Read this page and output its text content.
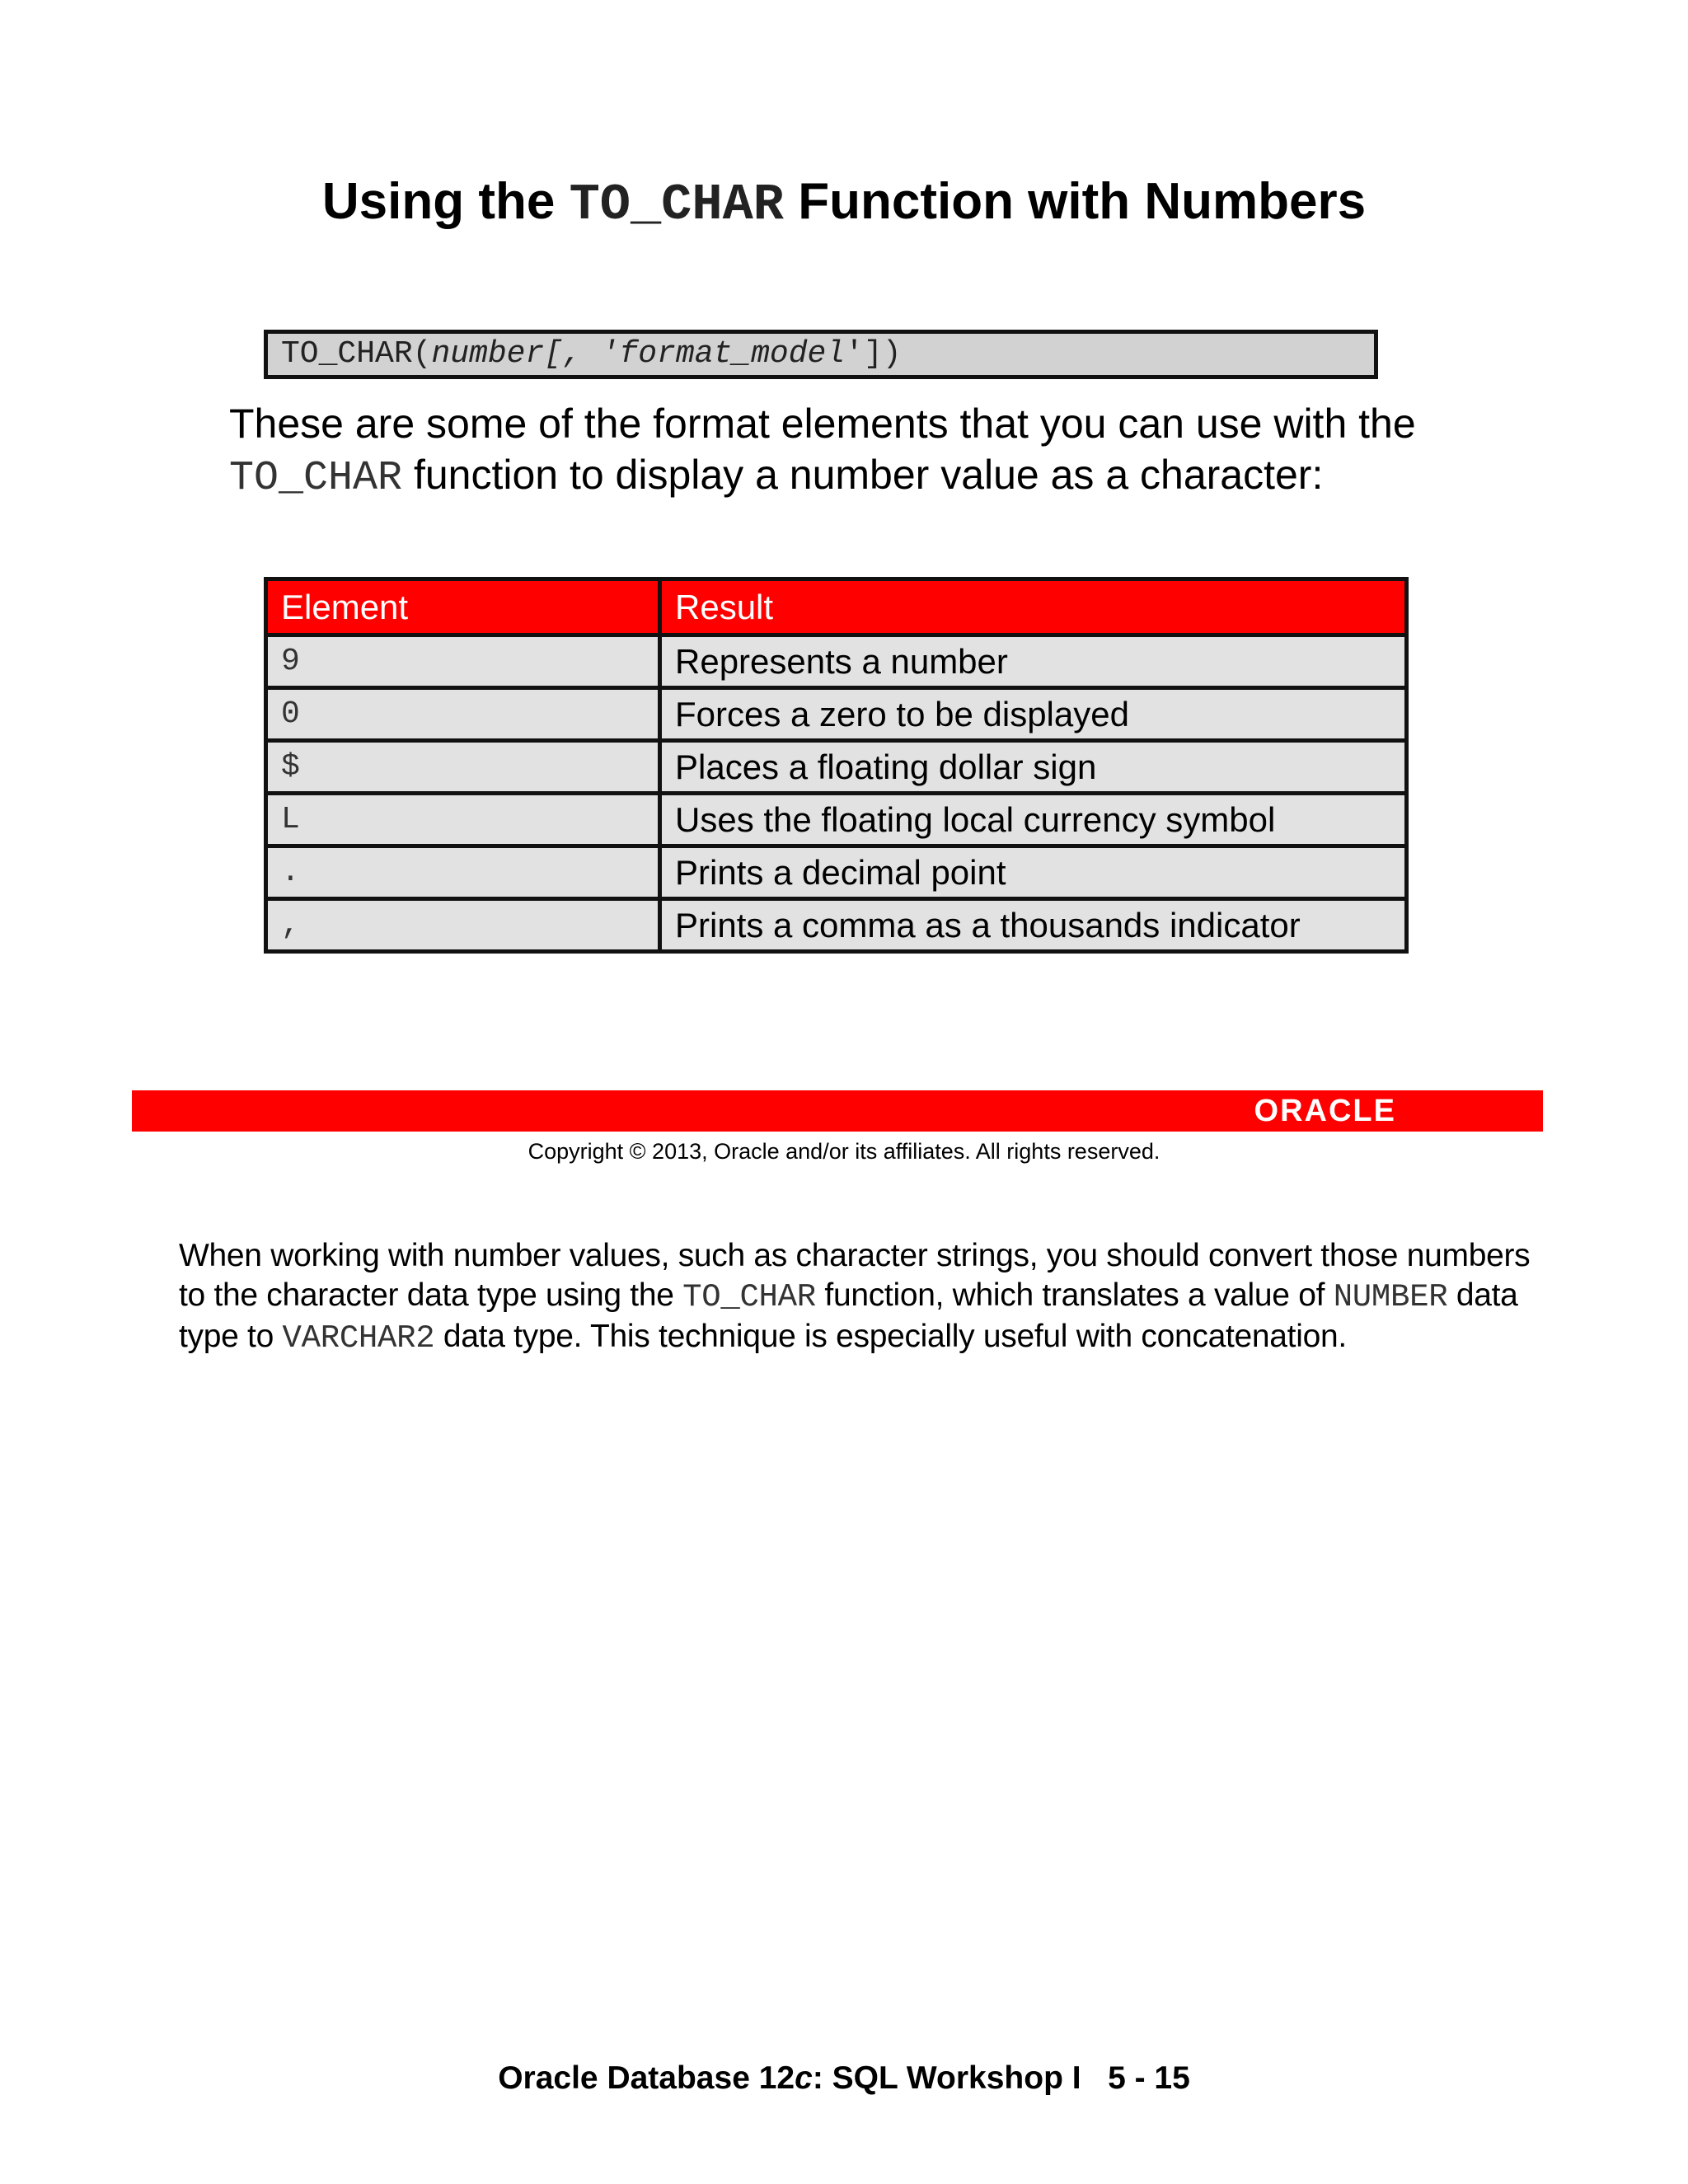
Using the TO_CHAR Function with Numbers
TO_CHAR(number[, 'format_model'])

These are some of the format elements that you can use with the TO_CHAR function to display a number value as a character:

Element	Result
9	Represents a number
0	Forces a zero to be displayed
$	Places a floating dollar sign
L	Uses the floating local currency symbol
.	Prints a decimal point
,	Prints a comma as a thousands indicator
ORACLE
Copyright © 2013, Oracle and/or its affiliates. All rights reserved.

When working with number values, such as character strings, you should convert those numbers to the character data type using the TO_CHAR function, which translates a value of NUMBER data type to VARCHAR2 data type. This technique is especially useful with concatenation.

Oracle Database 12c: SQL Workshop I   5 - 15
